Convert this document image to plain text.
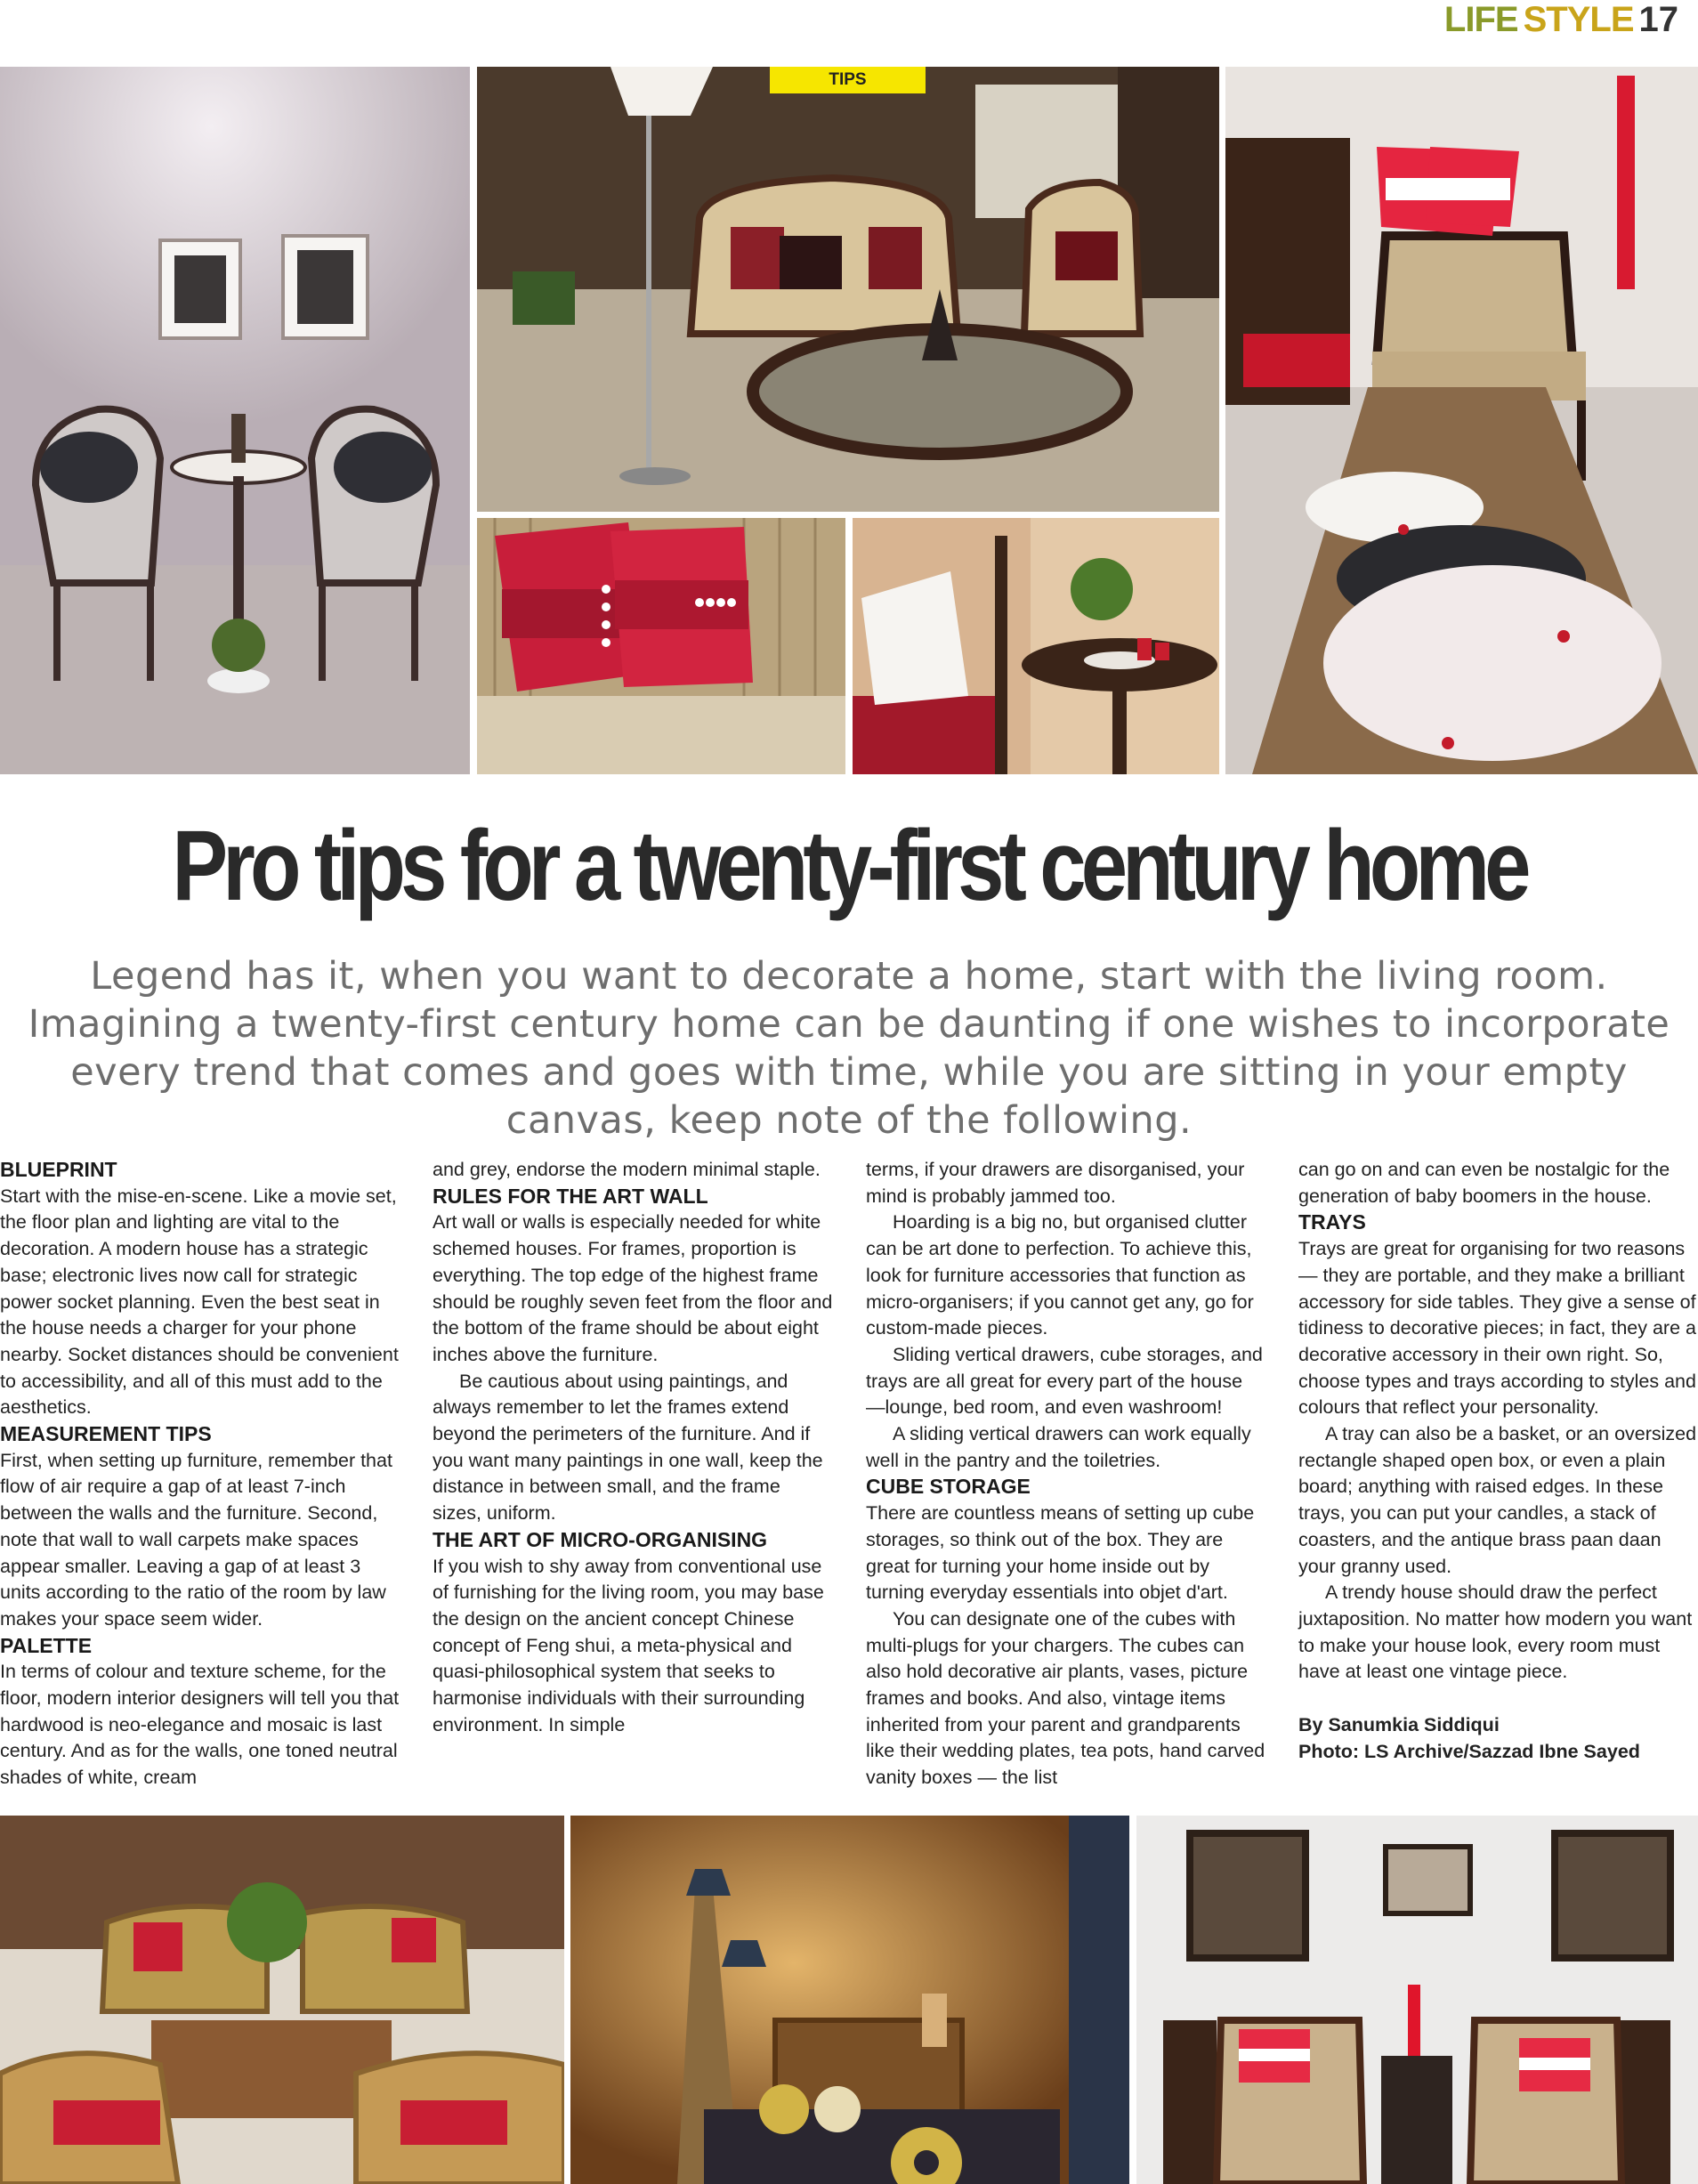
LIFE STYLE 17
TIPS
Pro tips for a twenty-first century home
Legend has it, when you want to decorate a home, start with the living room. Imagining a twenty-first century home can be daunting if one wishes to incorporate every trend that comes and goes with time, while you are sitting in your empty canvas, keep note of the following.
BLUEPRINT

Start with the mise-en-scene. Like a movie set, the floor plan and lighting are vital to the decoration. A modern house has a strategic base; electronic lives now call for strategic power socket planning. Even the best seat in the house needs a charger for your phone nearby. Socket distances should be convenient to accessibility, and all of this must add to the aesthetics.

MEASUREMENT TIPS

First, when setting up furniture, remember that flow of air require a gap of at least 7-inch between the walls and the furniture. Second, note that wall to wall carpets make spaces appear smaller. Leaving a gap of at least 3 units according to the ratio of the room by law makes your space seem wider.

PALETTE

In terms of colour and texture scheme, for the floor, modern interior designers will tell you that hardwood is neo-elegance and mosaic is last century. And as for the walls, one toned neutral shades of white, cream

and grey, endorse the modern minimal staple.

RULES FOR THE ART WALL

Art wall or walls is especially needed for white schemed houses. For frames, proportion is everything. The top edge of the highest frame should be roughly seven feet from the floor and the bottom of the frame should be about eight inches above the furniture.

Be cautious about using paintings, and always remember to let the frames extend beyond the perimeters of the furniture. And if you want many paintings in one wall, keep the distance in between small, and the frame sizes, uniform.

THE ART OF MICRO-ORGANISING

If you wish to shy away from conventional use of furnishing for the living room, you may base the design on the ancient concept Chinese concept of Feng shui, a meta-physical and quasi-philosophical system that seeks to harmonise individuals with their surrounding environment. In simple

terms, if your drawers are disorganised, your mind is probably jammed too.

Hoarding is a big no, but organised clutter can be art done to perfection. To achieve this, look for furniture accessories that function as micro-organisers; if you cannot get any, go for custom-made pieces.

Sliding vertical drawers, cube storages, and trays are all great for every part of the house —lounge, bed room, and even washroom!

A sliding vertical drawers can work equally well in the pantry and the toiletries.

CUBE STORAGE

There are countless means of setting up cube storages, so think out of the box. They are great for turning your home inside out by turning everyday essentials into objet d'art.

You can designate one of the cubes with multi-plugs for your chargers. The cubes can also hold decorative air plants, vases, picture frames and books. And also, vintage items inherited from your parent and grandparents like their wedding plates, tea pots, hand carved vanity boxes — the list

can go on and can even be nostalgic for the generation of baby boomers in the house.

TRAYS

Trays are great for organising for two reasons — they are portable, and they make a brilliant accessory for side tables. They give a sense of tidiness to decorative pieces; in fact, they are a decorative accessory in their own right. So, choose types and trays according to styles and colours that reflect your personality.

A tray can also be a basket, or an oversized rectangle shaped open box, or even a plain board; anything with raised edges. In these trays, you can put your candles, a stack of coasters, and the antique brass paan daan your granny used.

A trendy house should draw the perfect juxtaposition. No matter how modern you want to make your house look, every room must have at least one vintage piece.

By Sanumkia Siddiqui

Photo: LS Archive/Sazzad Ibne Sayed
